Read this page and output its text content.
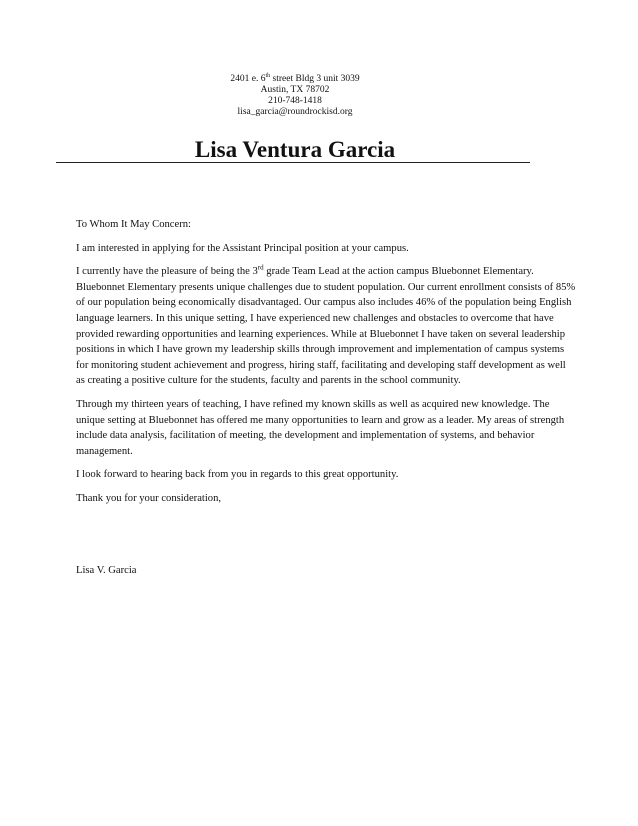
2401 e. 6th street Bldg 3 unit 3039
Austin, TX 78702
210-748-1418
lisa_garcia@roundrockisd.org
Lisa Ventura Garcia

To Whom It May Concern:

I am interested in applying for the Assistant Principal position at your campus.

I currently have the pleasure of being the 3rd grade Team Lead at the action campus Bluebonnet Elementary. Bluebonnet Elementary presents unique challenges due to student population. Our current enrollment consists of 85% of our population being economically disadvantaged. Our campus also includes 46% of the population being English language learners. In this unique setting, I have experienced new challenges and obstacles to overcome that have provided rewarding opportunities and learning experiences. While at Bluebonnet I have taken on several leadership positions in which I have grown my leadership skills through improvement and implementation of campus systems for monitoring student achievement and progress, hiring staff, facilitating and developing staff development as well as creating a positive culture for the students, faculty and parents in the school community.

Through my thirteen years of teaching, I have refined my known skills as well as acquired new knowledge. The unique setting at Bluebonnet has offered me many opportunities to learn and grow as a leader. My areas of strength include data analysis, facilitation of meeting, the development and implementation of systems, and behavior management.

I look forward to hearing back from you in regards to this great opportunity.

Thank you for your consideration,

Lisa V. Garcia
